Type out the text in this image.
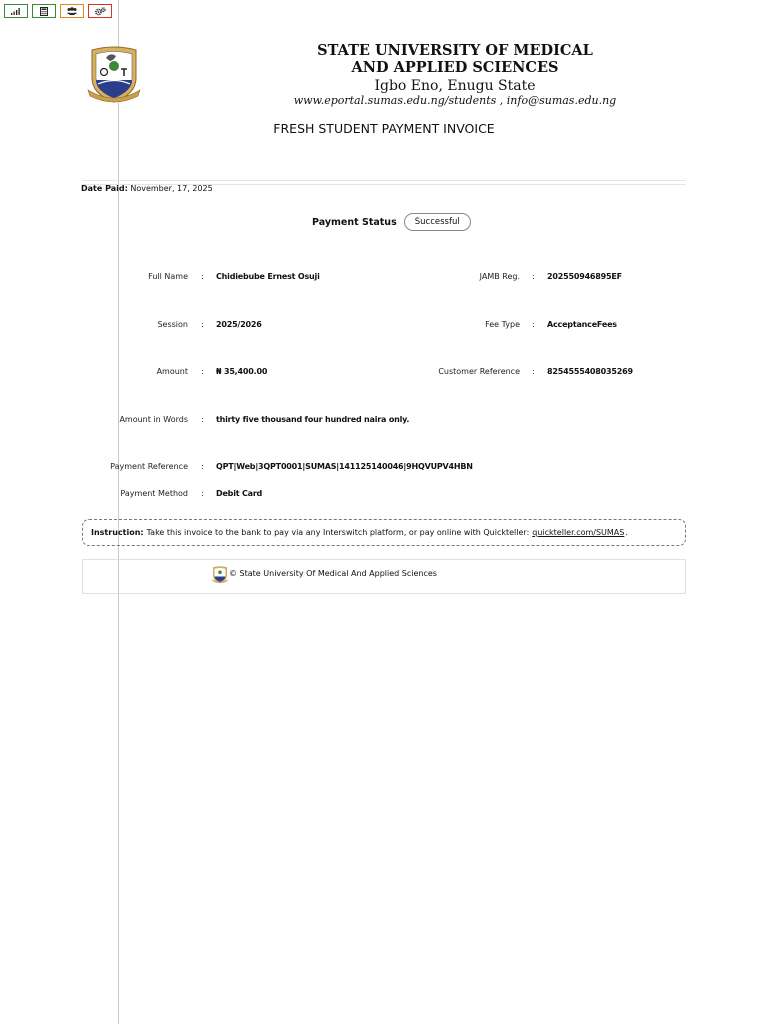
STATE UNIVERSITY OF MEDICAL
AND APPLIED SCIENCES
Igbo Eno, Enugu State
www.eportal.sumas.edu.ng/students , info@sumas.edu.ng
FRESH STUDENT PAYMENT INVOICE
Date Paid: November, 17, 2025
Payment Status	Successful
Full Name : Chidiebube Ernest Osuji	JAMB Reg. : 202550946895EF
Session : 2025/2026	Fee Type : AcceptanceFees
Amount : ₦ 35,400.00	Customer Reference : 8254555408035269
Amount in Words : thirty five thousand four hundred naira only.
Payment Reference : QPT|Web|3QPT0001|SUMAS|141125140046|9HQVUPV4HBN
Payment Method : Debit Card
Instruction: Take this invoice to the bank to pay via any Interswitch platform, or pay online with Quickteller: quickteller.com/SUMAS .
© State University Of Medical And Applied Sciences
